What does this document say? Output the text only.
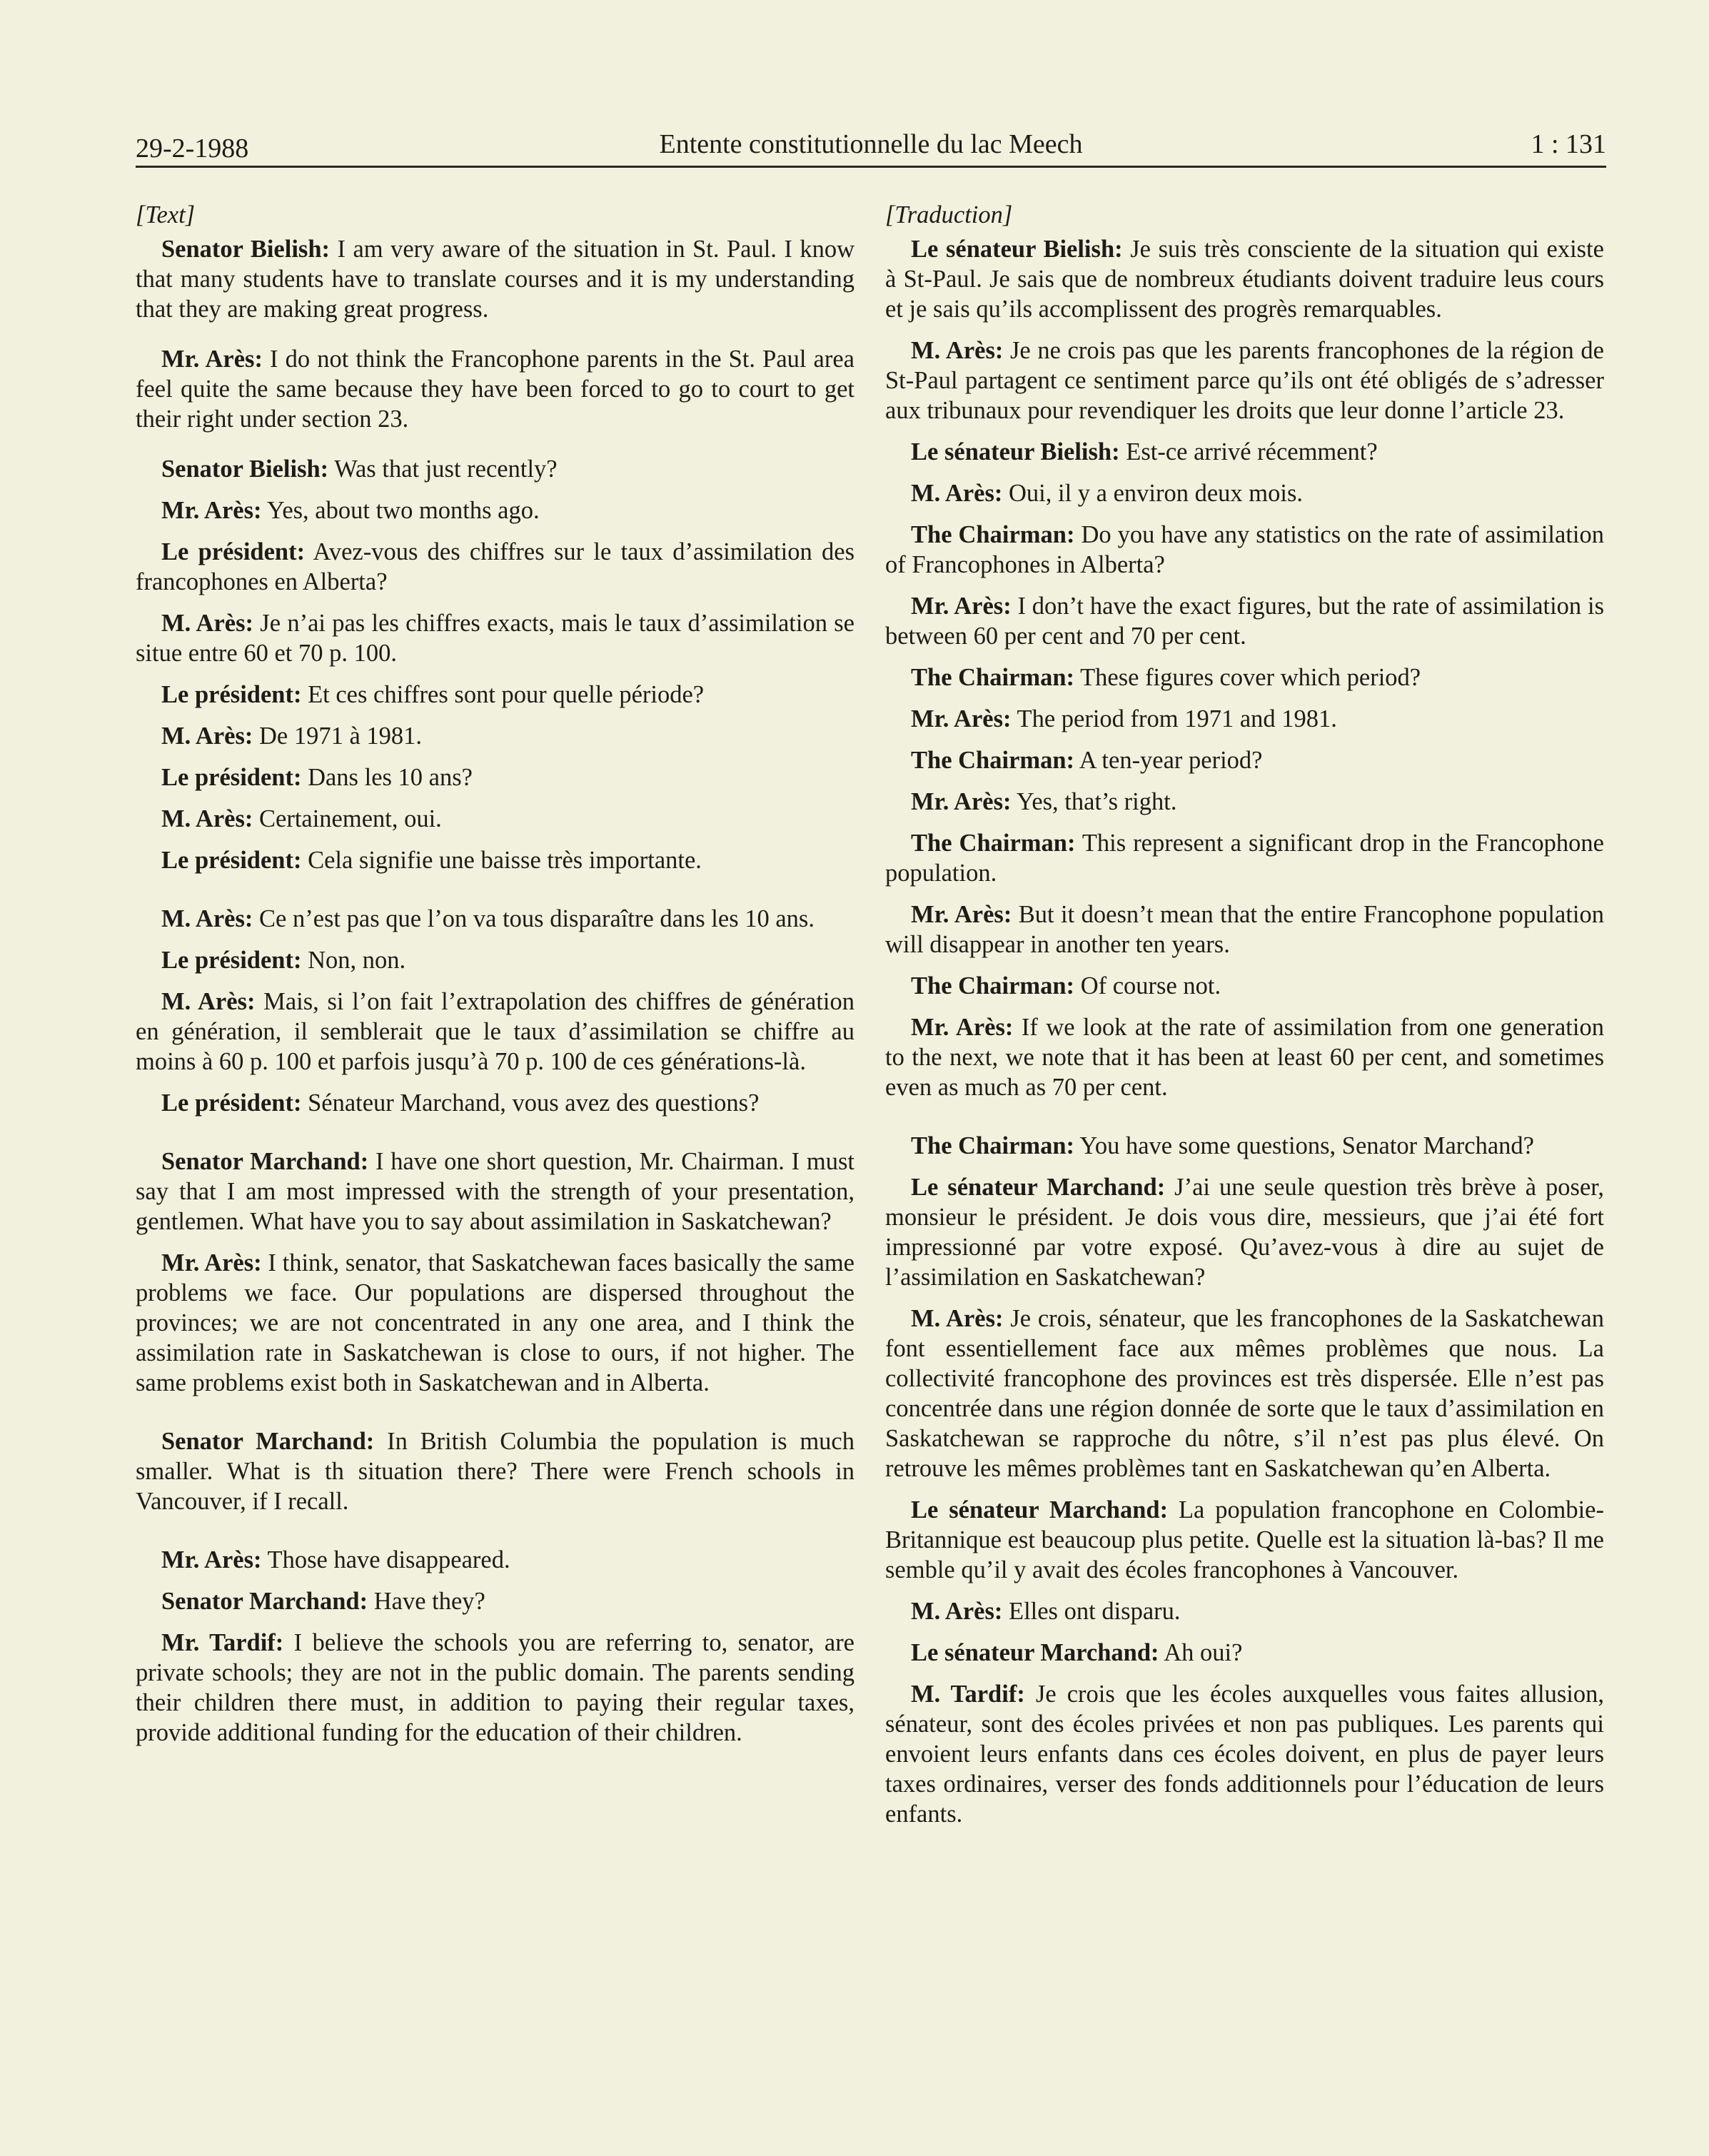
29-2-1988	Entente constitutionnelle du lac Meech	1 : 131
[Text]

Senator Bielish: I am very aware of the situation in St. Paul. I know that many students have to translate courses and it is my understanding that they are making great progress.

Mr. Arès: I do not think the Francophone parents in the St. Paul area feel quite the same because they have been forced to go to court to get their right under section 23.

Senator Bielish: Was that just recently?

Mr. Arès: Yes, about two months ago.

Le président: Avez-vous des chiffres sur le taux d’assimilation des francophones en Alberta?

M. Arès: Je n’ai pas les chiffres exacts, mais le taux d’assimilation se situe entre 60 et 70 p. 100.

Le président: Et ces chiffres sont pour quelle période?

M. Arès: De 1971 à 1981.

Le président: Dans les 10 ans?

M. Arès: Certainement, oui.

Le président: Cela signifie une baisse très importante.

M. Arès: Ce n’est pas que l’on va tous disparaître dans les 10 ans.

Le président: Non, non.

M. Arès: Mais, si l’on fait l’extrapolation des chiffres de génération en génération, il semblerait que le taux d’assimilation se chiffre au moins à 60 p. 100 et parfois jusqu’à 70 p. 100 de ces générations-là.

Le président: Sénateur Marchand, vous avez des questions?

Senator Marchand: I have one short question, Mr. Chairman. I must say that I am most impressed with the strength of your presentation, gentlemen. What have you to say about assimilation in Saskatchewan?

Mr. Arès: I think, senator, that Saskatchewan faces basically the same problems we face. Our populations are dispersed throughout the provinces; we are not concentrated in any one area, and I think the assimilation rate in Saskatchewan is close to ours, if not higher. The same problems exist both in Saskatchewan and in Alberta.

Senator Marchand: In British Columbia the population is much smaller. What is th situation there? There were French schools in Vancouver, if I recall.

Mr. Arès: Those have disappeared.

Senator Marchand: Have they?

Mr. Tardif: I believe the schools you are referring to, senator, are private schools; they are not in the public domain. The parents sending their children there must, in addition to paying their regular taxes, provide additional funding for the education of their children.

[Traduction]

Le sénateur Bielish: Je suis très consciente de la situation qui existe à St-Paul. Je sais que de nombreux étudiants doivent traduire leus cours et je sais qu’ils accomplissent des progrès remarquables.

M. Arès: Je ne crois pas que les parents francophones de la région de St-Paul partagent ce sentiment parce qu’ils ont été obligés de s’adresser aux tribunaux pour revendiquer les droits que leur donne l’article 23.

Le sénateur Bielish: Est-ce arrivé récemment?

M. Arès: Oui, il y a environ deux mois.

The Chairman: Do you have any statistics on the rate of assimilation of Francophones in Alberta?

Mr. Arès: I don’t have the exact figures, but the rate of assimilation is between 60 per cent and 70 per cent.

The Chairman: These figures cover which period?

Mr. Arès: The period from 1971 and 1981.

The Chairman: A ten-year period?

Mr. Arès: Yes, that’s right.

The Chairman: This represent a significant drop in the Francophone population.

Mr. Arès: But it doesn’t mean that the entire Francophone population will disappear in another ten years.

The Chairman: Of course not.

Mr. Arès: If we look at the rate of assimilation from one generation to the next, we note that it has been at least 60 per cent, and sometimes even as much as 70 per cent.

The Chairman: You have some questions, Senator Marchand?

Le sénateur Marchand: J’ai une seule question très brève à poser, monsieur le président. Je dois vous dire, messieurs, que j’ai été fort impressionné par votre exposé. Qu’avez-vous à dire au sujet de l’assimilation en Saskatchewan?

M. Arès: Je crois, sénateur, que les francophones de la Saskatchewan font essentiellement face aux mêmes problèmes que nous. La collectivité francophone des provinces est très dispersée. Elle n’est pas concentrée dans une région donnée de sorte que le taux d’assimilation en Saskatchewan se rapproche du nôtre, s’il n’est pas plus élevé. On retrouve les mêmes problèmes tant en Saskatchewan qu’en Alberta.

Le sénateur Marchand: La population francophone en Colombie-Britannique est beaucoup plus petite. Quelle est la situation là-bas? Il me semble qu’il y avait des écoles francophones à Vancouver.

M. Arès: Elles ont disparu.

Le sénateur Marchand: Ah oui?

M. Tardif: Je crois que les écoles auxquelles vous faites allusion, sénateur, sont des écoles privées et non pas publiques. Les parents qui envoient leurs enfants dans ces écoles doivent, en plus de payer leurs taxes ordinaires, verser des fonds additionnels pour l’éducation de leurs enfants.
